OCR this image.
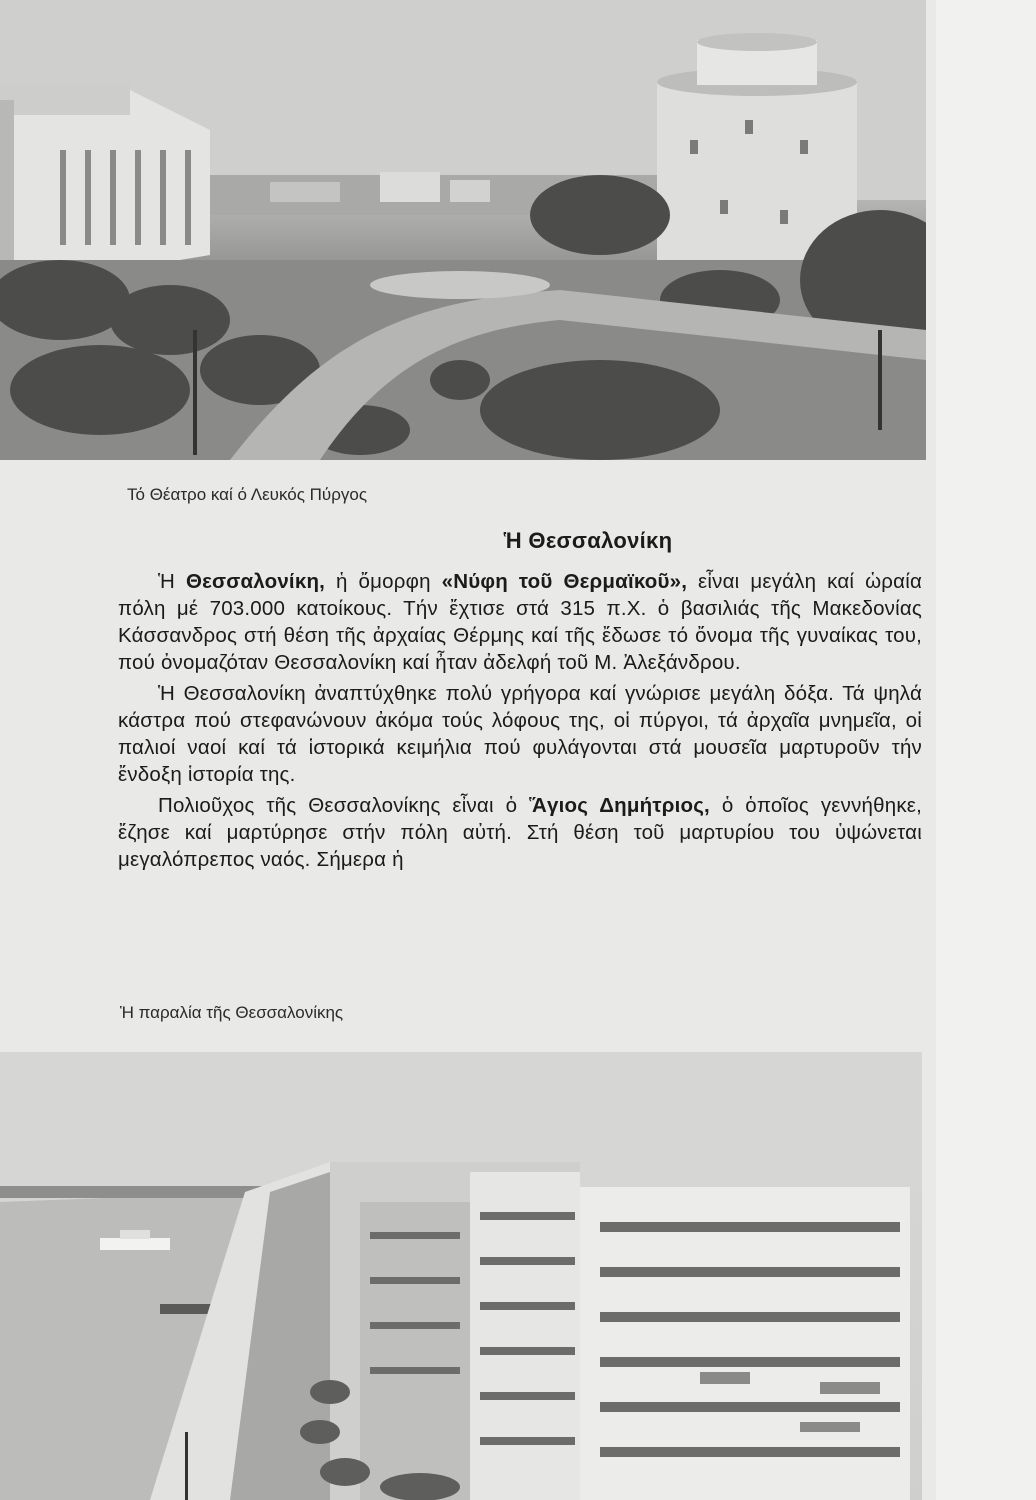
Τό Θέατρο καί ό Λευκός Πύργος
Ἡ Θεσσαλονίκη

Ἡ Θεσσαλονίκη, ἡ ὄμορφη «Νύφη τοῦ Θερμαϊκοῦ», εἶναι μεγάλη καί ὡραία πόλη μέ 703.000 κατοίκους. Τήν ἔχτισε στά 315 π.Χ. ὁ βασιλιάς τῆς Μακεδονίας Κάσσανδρος στή θέση τῆς ἀρχαίας Θέρμης καί τῆς ἔδωσε τό ὄνομα τῆς γυναίκας του, πού ὀνομαζόταν Θεσσαλονίκη καί ἦταν ἀδελφή τοῦ Μ. Ἀλεξάνδρου.

Ἡ Θεσσαλονίκη ἀναπτύχθηκε πολύ γρήγορα καί γνώρισε μεγάλη δόξα. Τά ψηλά κάστρα πού στεφανώνουν ἀκόμα τούς λόφους της, οἱ πύργοι, τά ἀρχαῖα μνημεῖα, οἱ παλιοί ναοί καί τά ἱστορικά κειμήλια πού φυλάγονται στά μουσεῖα μαρτυροῦν τήν ἔνδοξη ἱστορία της.

Πολιοῦχος τῆς Θεσσαλονίκης εἶναι ὁ Ἅγιος Δημήτριος, ὁ ὁποῖος γεννήθηκε, ἔζησε καί μαρτύρησε στήν πόλη αὐτή. Στή θέση τοῦ μαρτυρίου του ὑψώνεται μεγαλόπρεπος ναός. Σήμερα ἡ

Ἡ παραλία τῆς Θεσσαλονίκης
